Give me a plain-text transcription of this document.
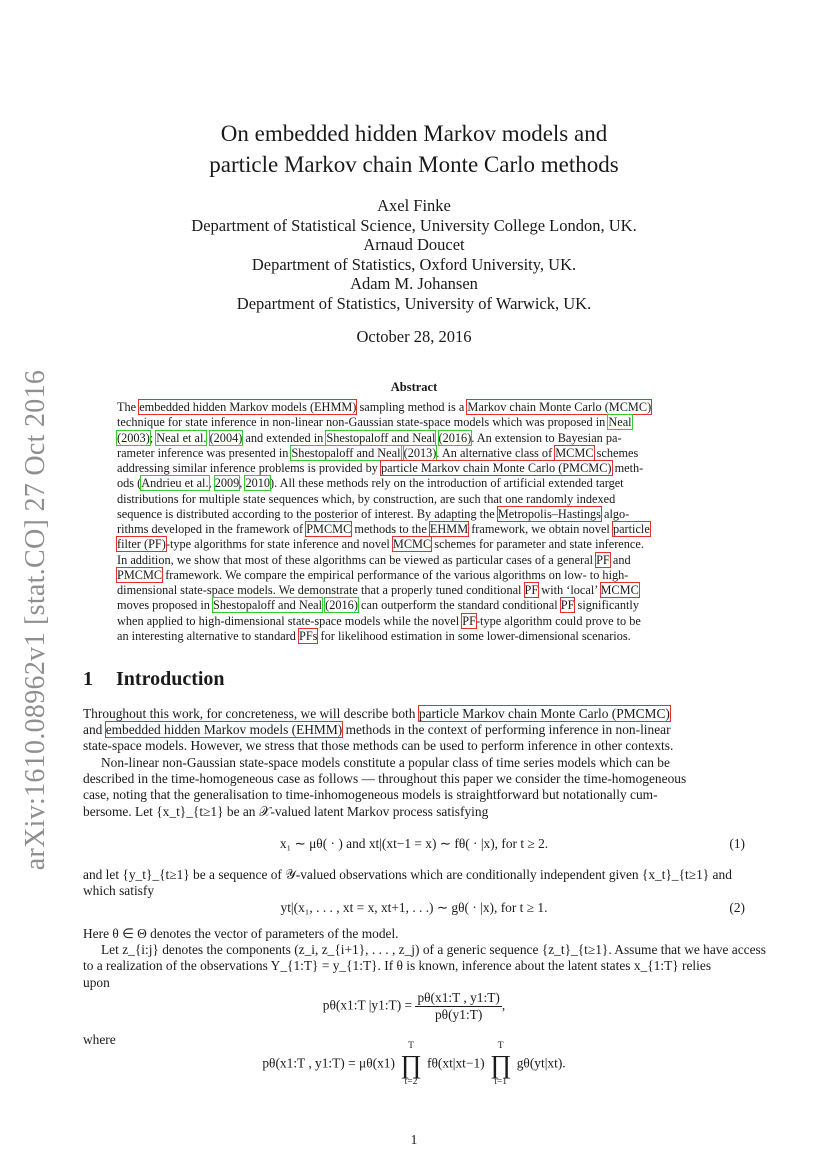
arXiv:1610.08962v1 [stat.CO] 27 Oct 2016
On embedded hidden Markov models and
particle Markov chain Monte Carlo methods
Axel Finke
Department of Statistical Science, University College London, UK.
Arnaud Doucet
Department of Statistics, Oxford University, UK.
Adam M. Johansen
Department of Statistics, University of Warwick, UK.
October 28, 2016
Abstract
The embedded hidden Markov models (EHMM) sampling method is a Markov chain Monte Carlo (MCMC)
technique for state inference in non-linear non-Gaussian state-space models which was proposed in Neal
(2003); Neal et al. (2004) and extended in Shestopaloff and Neal (2016). An extension to Bayesian pa-
rameter inference was presented in Shestopaloff and Neal (2013). An alternative class of MCMC schemes
addressing similar inference problems is provided by particle Markov chain Monte Carlo (PMCMC) meth-
ods (Andrieu et al., 2009, 2010). All these methods rely on the introduction of artificial extended target
distributions for multiple state sequences which, by construction, are such that one randomly indexed
sequence is distributed according to the posterior of interest. By adapting the Metropolis–Hastings algo-
rithms developed in the framework of PMCMC methods to the EHMM framework, we obtain novel particle
filter (PF)-type algorithms for state inference and novel MCMC schemes for parameter and state inference.
In addition, we show that most of these algorithms can be viewed as particular cases of a general PF and
PMCMC framework. We compare the empirical performance of the various algorithms on low- to high-
dimensional state-space models. We demonstrate that a properly tuned conditional PF with ‘local’ MCMC
moves proposed in Shestopaloff and Neal (2016) can outperform the standard conditional PF significantly
when applied to high-dimensional state-space models while the novel PF-type algorithm could prove to be
an interesting alternative to standard PFs for likelihood estimation in some lower-dimensional scenarios.
1 Introduction
Throughout this work, for concreteness, we will describe both particle Markov chain Monte Carlo (PMCMC)
and embedded hidden Markov models (EHMM) methods in the context of performing inference in non-linear
state-space models. However, we stress that those methods can be used to perform inference in other contexts.
Non-linear non-Gaussian state-space models constitute a popular class of time series models which can be
described in the time-homogeneous case as follows — throughout this paper we consider the time-homogeneous
case, noting that the generalisation to time-inhomogeneous models is straightforward but notationally cum-
bersome. Let {x_t}_{t≥1} be an 𝒳-valued latent Markov process satisfying
x₁ ∼ μθ( · ) and xt|(xt−1 = x) ∼ fθ( · |x), for t ≥ 2.	(1)
and let {y_t}_{t≥1} be a sequence of 𝒴-valued observations which are conditionally independent given {x_t}_{t≥1} and
which satisfy
yt|(x₁, . . . , xt = x, xt+1, . . .) ∼ gθ( · |x), for t ≥ 1.	(2)
Here θ ∈ Θ denotes the vector of parameters of the model.
Let z_{i:j} denotes the components (z_i, z_{i+1}, . . . , z_j) of a generic sequence {z_t}_{t≥1}. Assume that we have access
to a realization of the observations Y_{1:T} = y_{1:T}. If θ is known, inference about the latent states x_{1:T} relies
upon
pθ(x1:T |y1:T) = $\frac{p\theta(x1:T , y1:T)}{p\theta(y1:T)}$ ,
where
pθ(x1:T , y1:T) = μθ(x1)
T
∏
t=2
fθ(xt|xt−1)
T
∏
t=1
gθ(yt|xt).
1
